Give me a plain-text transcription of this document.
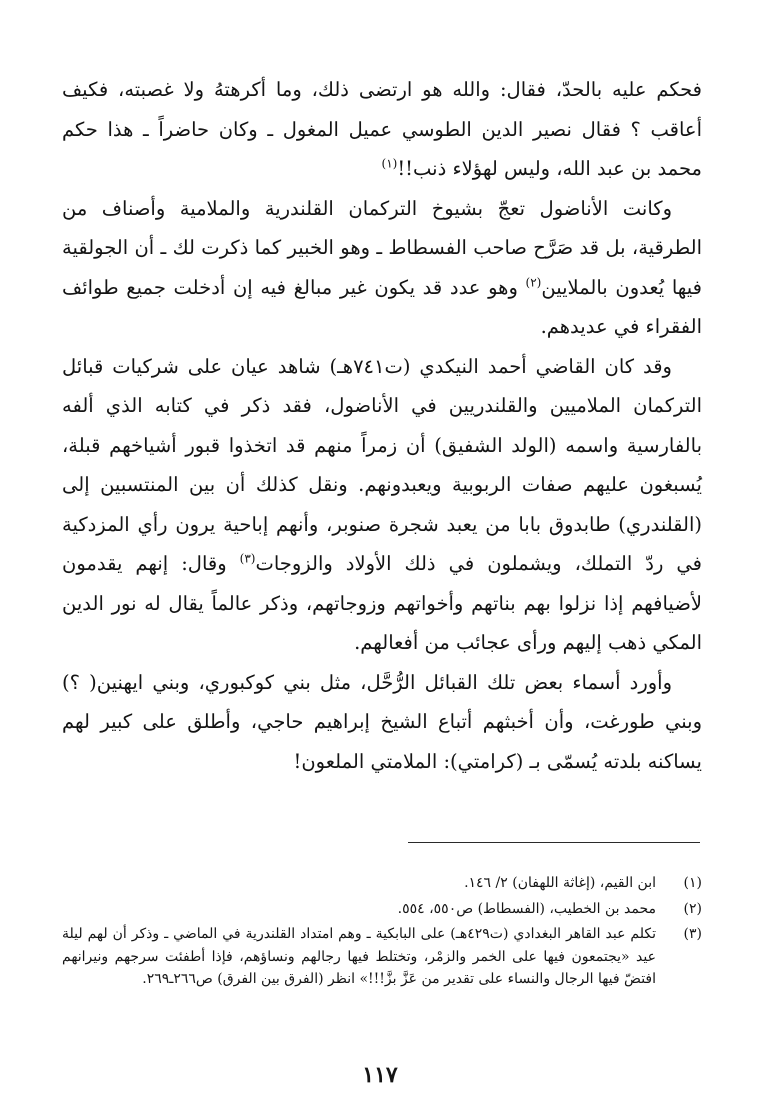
فحكم عليه بالحدّ، فقال: والله هو ارتضى ذلك، وما أكرهتهُ ولا غصبته، فكيف أعاقب ؟ فقال نصير الدين الطوسي عميل المغول ـ وكان حاضراً ـ هذا حكم محمد بن عبد الله، وليس لهؤلاء ذنب!!$^{(١)}$
وكانت الأناضول تعجّ بشيوخ التركمان القلندرية والملامية وأصناف من الطرقية، بل قد صَرَّح صاحب الفسطاط ـ وهو الخبير كما ذكرت لك ـ أن الجولقية فيها يُعدون بالملايين$^{(٢)}$ وهو عدد قد يكون غير مبالغ فيه إن أدخلت جميع طوائف الفقراء في عديدهم.
وقد كان القاضي أحمد النيكدي (ت٧٤١هـ) شاهد عيان على شركيات قبائل التركمان الملاميين والقلندريين في الأناضول، فقد ذكر في كتابه الذي ألفه بالفارسية واسمه (الولد الشفيق) أن زمراً منهم قد اتخذوا قبور أشياخهم قبلة، يُسبغون عليهم صفات الربوبية ويعبدونهم. ونقل كذلك أن بين المنتسبين إلى (القلندري) طابدوق بابا من يعبد شجرة صنوبر، وأنهم إباحية يرون رأي المزدكية في ردّ التملك، ويشملون في ذلك الأولاد والزوجات$^{(٣)}$ وقال: إنهم يقدمون لأضيافهم إذا نزلوا بهم بناتهم وأخواتهم وزوجاتهم، وذكر عالماً يقال له نور الدين المكي ذهب إليهم ورأى عجائب من أفعالهم.
وأورد أسماء بعض تلك القبائل الرُّحَّل، مثل بني كوكبوري، وبني ايهنين( ؟) وبني طورغت، وأن أخبثهم أتباع الشيخ إبراهيم حاجي، وأطلق على كبير لهم يساكنه بلدته يُسمّى بـ (كرامتي): الملامتي الملعون!
(١)
ابن القيم، (إغاثة اللهفان) ٢/ ١٤٦.
(٢)
محمد بن الخطيب، (الفسطاط) ص٥٥٠، ٥٥٤.
(٣)
تكلم عبد القاهر البغدادي (ت٤٢٩هـ) على البابكية ـ وهم امتداد القلندرية في الماضي ـ وذكر أن لهم ليلة عيد «يجتمعون فيها على الخمر والزمْر، وتختلط فيها رجالهم ونساؤهم، فإذا أطفئت سرجهم ونيرانهم افتضّ فيها الرجال والنساء على تقدير من عَزَّ بزَّ!!!» انظر (الفرق بين الفرق) ص٢٦٦ـ٢٦٩.
١١٧
